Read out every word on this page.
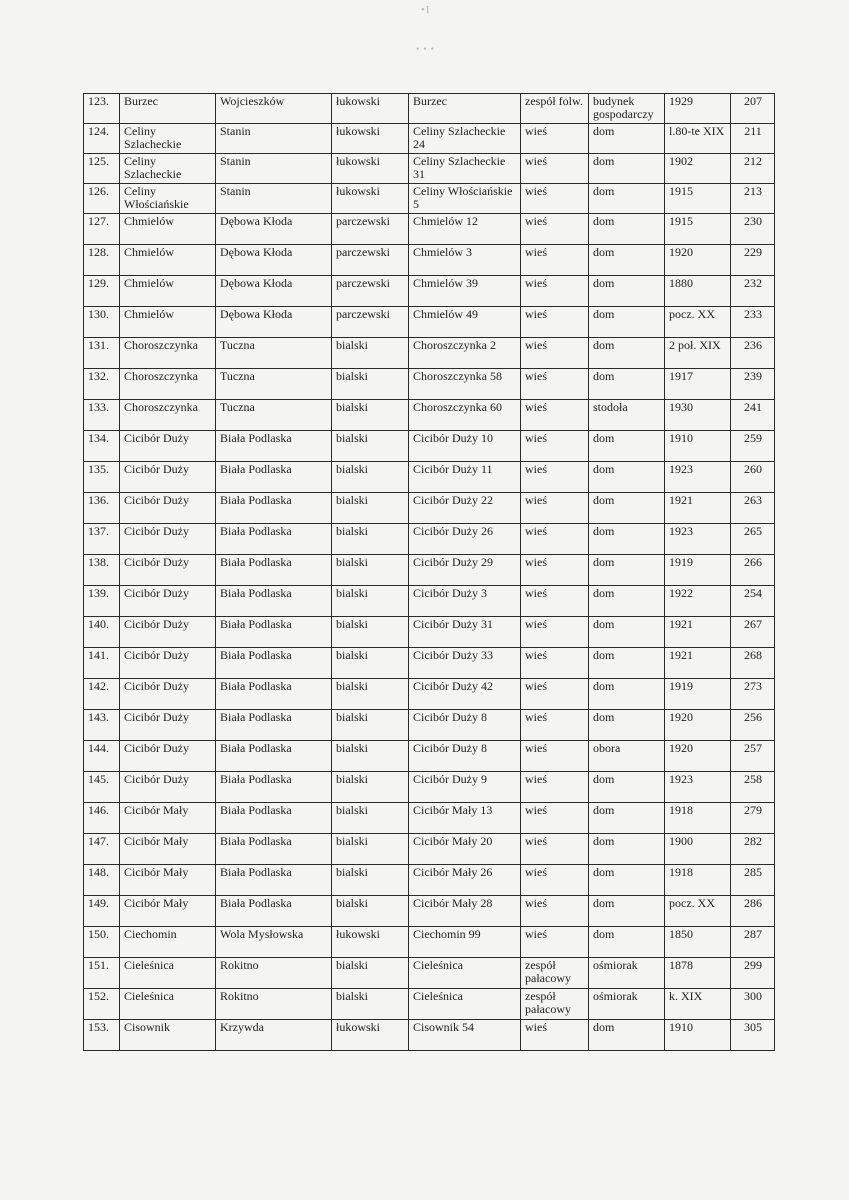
•I
• • •
123.	Burzec	Wojcieszków	łukowski	Burzec	zespół folw.	budynek gospodarczy	1929	207
124.	Celiny Szlacheckie	Stanin	łukowski	Celiny Szlacheckie 24	wieś	dom	l.80-te XIX	211
125.	Celiny Szlacheckie	Stanin	łukowski	Celiny Szlacheckie 31	wieś	dom	1902	212
126.	Celiny Włościańskie	Stanin	łukowski	Celiny Włościańskie 5	wieś	dom	1915	213
127.	Chmielów	Dębowa Kłoda	parczewski	Chmielów 12	wieś	dom	1915	230
128.	Chmielów	Dębowa Kłoda	parczewski	Chmielów 3	wieś	dom	1920	229
129.	Chmielów	Dębowa Kłoda	parczewski	Chmielów 39	wieś	dom	1880	232
130.	Chmielów	Dębowa Kłoda	parczewski	Chmielów 49	wieś	dom	pocz. XX	233
131.	Choroszczynka	Tuczna	bialski	Choroszczynka 2	wieś	dom	2 poł. XIX	236
132.	Choroszczynka	Tuczna	bialski	Choroszczynka 58	wieś	dom	1917	239
133.	Choroszczynka	Tuczna	bialski	Choroszczynka 60	wieś	stodoła	1930	241
134.	Cicibór Duży	Biała Podlaska	bialski	Cicibór Duży 10	wieś	dom	1910	259
135.	Cicibór Duży	Biała Podlaska	bialski	Cicibór Duży 11	wieś	dom	1923	260
136.	Cicibór Duży	Biała Podlaska	bialski	Cicibór Duży 22	wieś	dom	1921	263
137.	Cicibór Duży	Biała Podlaska	bialski	Cicibór Duży 26	wieś	dom	1923	265
138.	Cicibór Duży	Biała Podlaska	bialski	Cicibór Duży 29	wieś	dom	1919	266
139.	Cicibór Duży	Biała Podlaska	bialski	Cicibór Duży 3	wieś	dom	1922	254
140.	Cicibór Duży	Biała Podlaska	bialski	Cicibór Duży 31	wieś	dom	1921	267
141.	Cicibór Duży	Biała Podlaska	bialski	Cicibór Duży 33	wieś	dom	1921	268
142.	Cicibór Duży	Biała Podlaska	bialski	Cicibór Duży 42	wieś	dom	1919	273
143.	Cicibór Duży	Biała Podlaska	bialski	Cicibór Duży 8	wieś	dom	1920	256
144.	Cicibór Duży	Biała Podlaska	bialski	Cicibór Duży 8	wieś	obora	1920	257
145.	Cicibór Duży	Biała Podlaska	bialski	Cicibór Duży 9	wieś	dom	1923	258
146.	Cicibór Mały	Biała Podlaska	bialski	Cicibór Mały 13	wieś	dom	1918	279
147.	Cicibór Mały	Biała Podlaska	bialski	Cicibór Mały 20	wieś	dom	1900	282
148.	Cicibór Mały	Biała Podlaska	bialski	Cicibór Mały 26	wieś	dom	1918	285
149.	Cicibór Mały	Biała Podlaska	bialski	Cicibór Mały 28	wieś	dom	pocz. XX	286
150.	Ciechomin	Wola Mysłowska	łukowski	Ciechomin 99	wieś	dom	1850	287
151.	Cieleśnica	Rokitno	bialski	Cieleśnica	zespół pałacowy	ośmiorak	1878	299
152.	Cieleśnica	Rokitno	bialski	Cieleśnica	zespół pałacowy	ośmiorak	k. XIX	300
153.	Cisownik	Krzywda	łukowski	Cisownik 54	wieś	dom	1910	305
